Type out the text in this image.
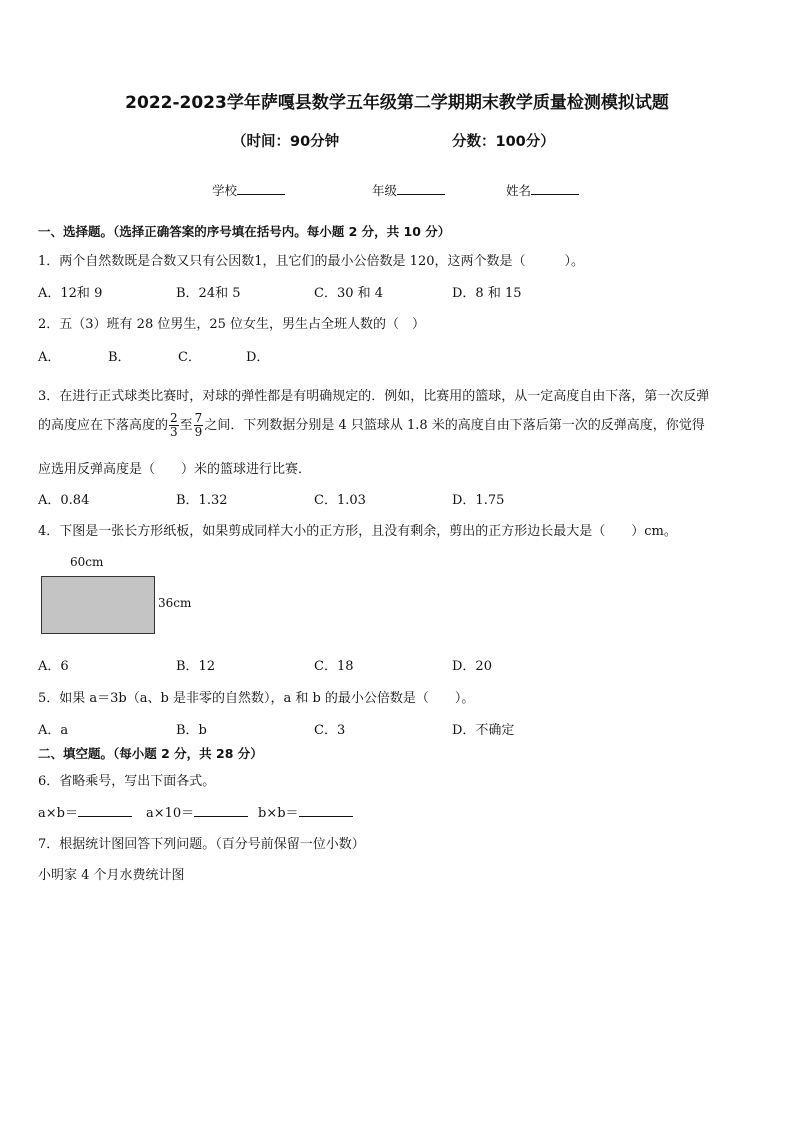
2022-2023学年萨嘎县数学五年级第二学期期末教学质量检测模拟试题
（时间：90分钟	分数：100分）
学校	年级	姓名
一、选择题。（选择正确答案的序号填在括号内。每小题 2 分，共 10 分）
1．两个自然数既是合数又只有公因数1，且它们的最小公倍数是 120，这两个数是（　　　）。
A．12和 9	B．24和 5	C．30 和 4	D．8 和 15
2．五（3）班有 28 位男生，25 位女生，男生占全班人数的（　）
A．	B．	C．	D．
3．在进行正式球类比赛时，对球的弹性都是有明确规定的．例如，比赛用的篮球，从一定高度自由下落，第一次反弹
的高度应在下落高度的 $\frac{2}{3}$ 至 $\frac{7}{9}$ 之间．下列数据分别是 4 只篮球从 1.8 米的高度自由下落后第一次的反弹高度，你觉得
应选用反弹高度是（　　）米的篮球进行比赛．
A．0.84	B．1.32	C．1.03	D．1.75
4．下图是一张长方形纸板，如果剪成同样大小的正方形，且没有剩余，剪出的正方形边长最大是（　　）cm。
60cm
36cm
A．6	B．12	C．18	D．20
5．如果 a＝3b（a、b 是非零的自然数），a 和 b 的最小公倍数是（　　）。
A．a	B．b	C．3	D．不确定
二、填空题。（每小题 2 分，共 28 分）
6．省略乘号，写出下面各式。
a×b＝	a×10＝	b×b＝
7．根据统计图回答下列问题。（百分号前保留一位小数）
小明家 4 个月水费统计图
